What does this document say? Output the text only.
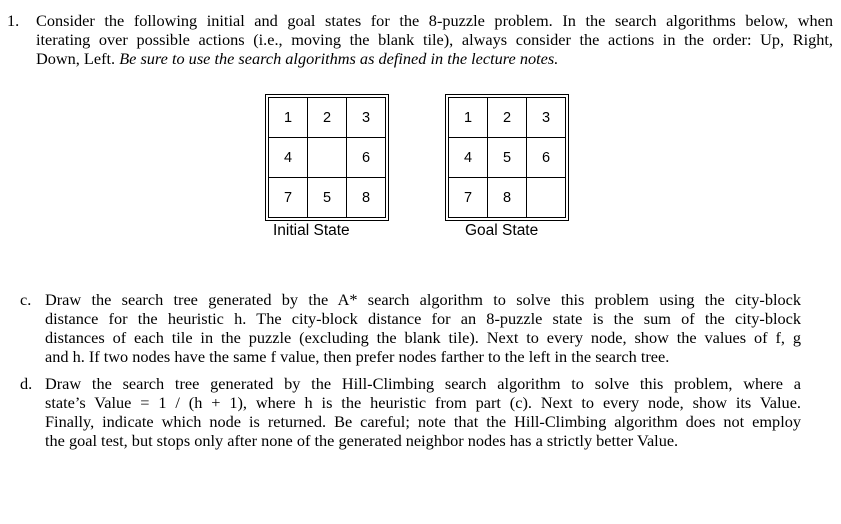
1. Consider the following initial and goal states for the 8-puzzle problem. In the search algorithms below, when
iterating over possible actions (i.e., moving the blank tile), always consider the actions in the order: Up, Right,
Down, Left. Be sure to use the search algorithms as defined in the lecture notes.
1	2	3
4		6
7	5	8
Initial State
1	2	3
4	5	6
7	8	
Goal State
c. Draw the search tree generated by the A* search algorithm to solve this problem using the city-block
distance for the heuristic h. The city-block distance for an 8-puzzle state is the sum of the city-block
distances of each tile in the puzzle (excluding the blank tile). Next to every node, show the values of f, g
and h. If two nodes have the same f value, then prefer nodes farther to the left in the search tree.
d. Draw the search tree generated by the Hill-Climbing search algorithm to solve this problem, where a
state’s Value = 1 / (h + 1), where h is the heuristic from part (c). Next to every node, show its Value.
Finally, indicate which node is returned. Be careful; note that the Hill-Climbing algorithm does not employ
the goal test, but stops only after none of the generated neighbor nodes has a strictly better Value.
